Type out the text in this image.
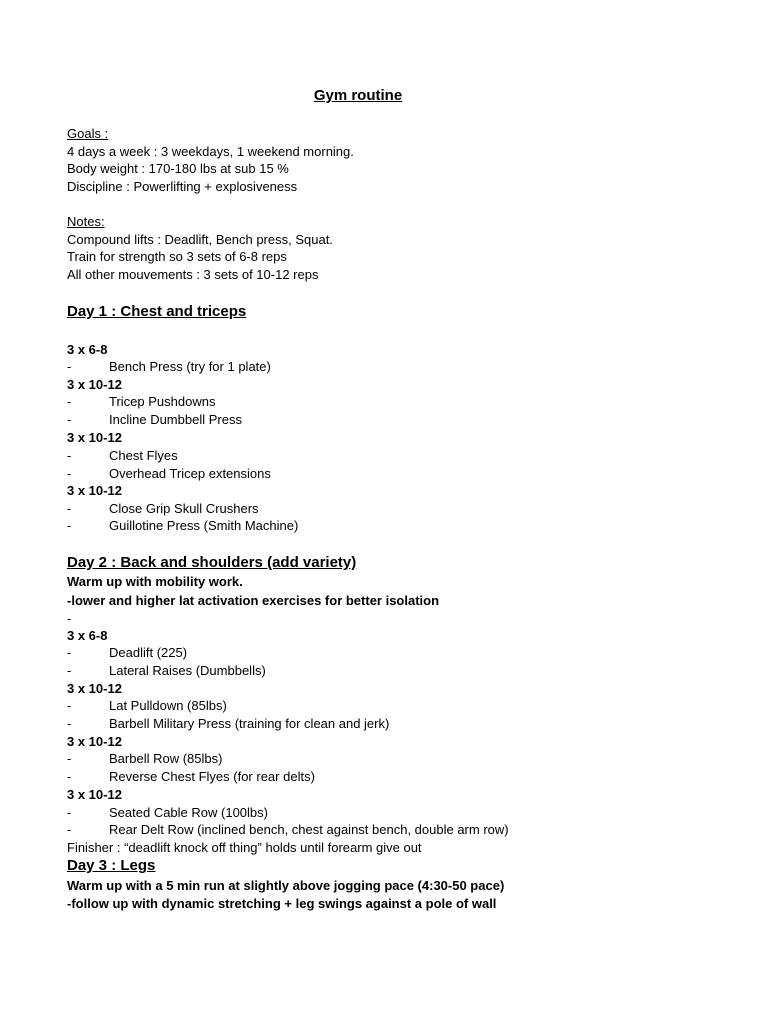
Gym routine
Goals :
4 days a week : 3 weekdays, 1 weekend morning.
Body weight : 170-180 lbs at sub 15 %
Discipline : Powerlifting + explosiveness
Notes:
Compound lifts : Deadlift, Bench press, Squat.
Train for strength so 3 sets of 6-8 reps
All other mouvements : 3 sets of 10-12 reps
Day 1 : Chest and triceps
3 x 6-8
-	Bench Press (try for 1 plate)
3 x 10-12
-	Tricep Pushdowns
-	Incline Dumbbell Press
3 x 10-12
-	Chest Flyes
-	Overhead Tricep extensions
3 x 10-12
-	Close Grip Skull Crushers
-	Guillotine Press (Smith Machine)
Day 2 : Back and shoulders (add variety)
Warm up with mobility work.
-lower and higher lat activation exercises for better isolation
-
3 x 6-8
-	Deadlift (225)
-	Lateral Raises (Dumbbells)
3 x 10-12
-	Lat Pulldown (85lbs)
-	Barbell Military Press (training for clean and jerk)
3 x 10-12
-	Barbell Row (85lbs)
-	Reverse Chest Flyes (for rear delts)
3 x 10-12
-	Seated Cable Row (100lbs)
-	Rear Delt Row (inclined bench, chest against bench, double arm row)
Finisher : “deadlift knock off thing” holds until forearm give out
Day 3 : Legs
Warm up with a 5 min run at slightly above jogging pace (4:30-50 pace)
-follow up with dynamic stretching + leg swings against a pole of wall
